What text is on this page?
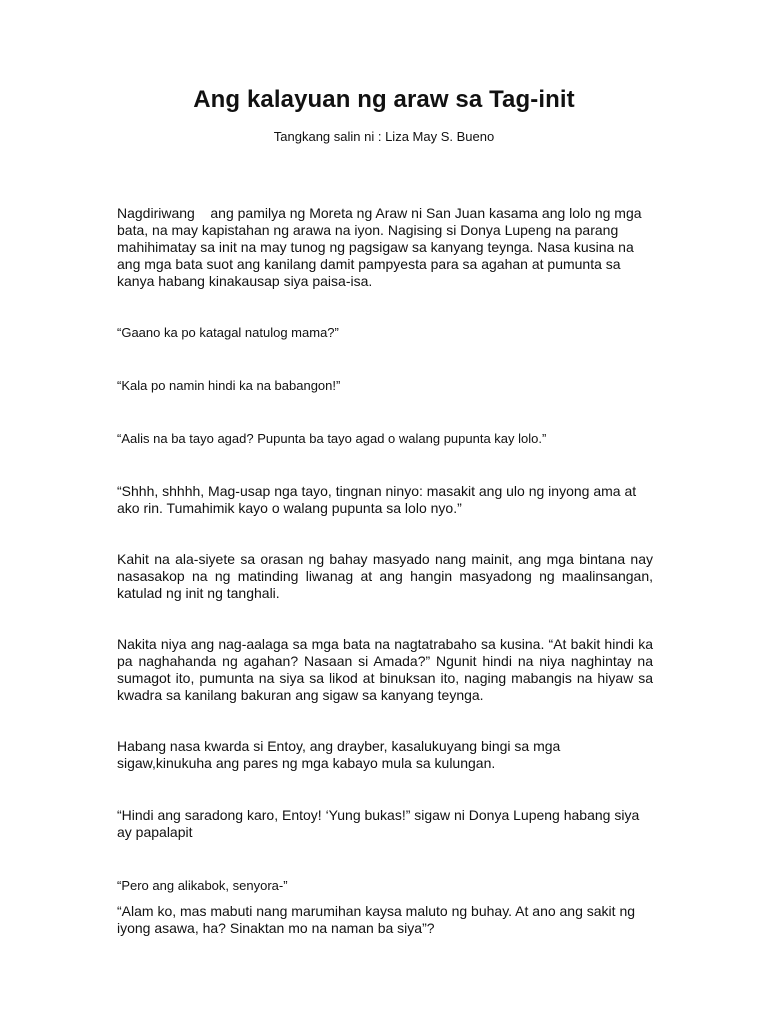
Ang kalayuan ng araw sa Tag-init
Tangkang salin ni : Liza May S. Bueno

Nagdiriwang    ang pamilya ng Moreta ng Araw ni San Juan kasama ang lolo ng mga bata, na may kapistahan ng arawa na iyon. Nagising si Donya Lupeng na parang mahihimatay sa init na may tunog ng pagsigaw sa kanyang teynga. Nasa kusina na ang mga bata suot ang kanilang damit pampyesta para sa agahan at pumunta sa kanya habang kinakausap siya paisa-isa.

“Gaano ka po katagal natulog mama?”

“Kala po namin hindi ka na babangon!”

“Aalis na ba tayo agad? Pupunta ba tayo agad o walang pupunta kay lolo.”

“Shhh, shhhh, Mag-usap nga tayo, tingnan ninyo: masakit ang ulo ng inyong ama at ako rin. Tumahimik kayo o walang pupunta sa lolo nyo.”

Kahit na ala-siyete sa orasan ng bahay masyado nang mainit, ang mga bintana nay nasasakop na ng matinding liwanag at ang hangin masyadong ng maalinsangan, katulad ng init ng tanghali.

Nakita niya ang nag-aalaga sa mga bata na nagtatrabaho sa kusina. “At bakit hindi ka pa naghahanda ng agahan? Nasaan si Amada?” Ngunit hindi na niya naghintay na sumagot ito, pumunta na siya sa likod at binuksan ito, naging mabangis na hiyaw sa kwadra sa kanilang bakuran ang sigaw sa kanyang teynga.

Habang nasa kwarda si Entoy, ang drayber, kasalukuyang bingi sa mga sigaw,kinukuha ang pares ng mga kabayo mula sa kulungan.

“Hindi ang saradong karo, Entoy! ‘Yung bukas!” sigaw ni Donya Lupeng habang siya ay papalapit

“Pero ang alikabok, senyora-”

“Alam ko, mas mabuti nang marumihan kaysa maluto ng buhay. At ano ang sakit ng iyong asawa, ha? Sinaktan mo na naman ba siya”?
